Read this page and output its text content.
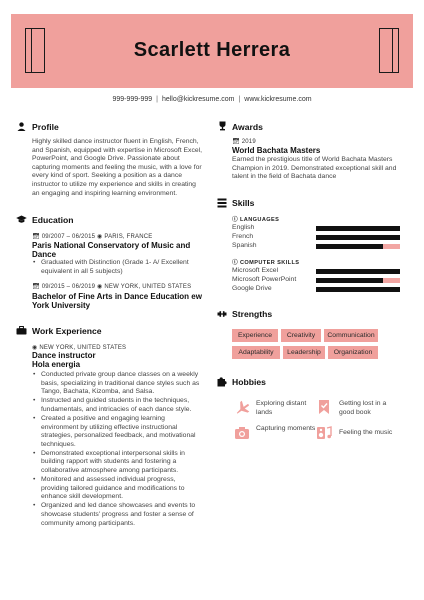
Scarlett Herrera
999-999-999 | hello@kickresume.com | www.kickresume.com
Profile
Highly skilled dance instructor fluent in English, French, and Spanish, equipped with expertise in Microsoft Excel, PowerPoint, and Google Drive. Passionate about capturing moments and feeling the music, with a love for every kind of sport. Seeking a position as a dance instructor to utilize my experience and skills in creating an engaging and inspiring learning environment.
Education
📅︎ 09/2007 – 06/2015 ◉ PARIS, FRANCE
Paris National Conservatory of Music and Dance
• Graduated with Distinction (Grade 1- A/ Excellent equivalent in all 5 subjects)
📅︎ 09/2015 – 06/2019 ◉ NEW YORK, UNITED STATES
Bachelor of Fine Arts in Dance Education ew York University
Work Experience
◉ NEW YORK, UNITED STATES
Dance instructor
Hola energia
• Conducted private group dance classes on a weekly basis, specializing in traditional dance styles such as Tango, Bachata, Kizomba, and Salsa.
• Instructed and guided students in the techniques, fundamentals, and intricacies of each dance style.
• Created a positive and engaging learning environment by utilizing effective instructional strategies, personalized feedback, and motivational techniques.
• Demonstrated exceptional interpersonal skills in building rapport with students and fostering a collaborative atmosphere among participants.
• Monitored and assessed individual progress, providing tailored guidance and modifications to enhance skill development.
• Organized and led dance showcases and events to showcase students' progress and foster a sense of community among participants.
Awards
📅︎ 2019
World Bachata Masters
Earned the prestigious title of World Bachata Masters Champion in 2019. Demonstrated exceptional skill and talent in the field of Bachata dance
Skills
ⓘ LANGUAGES
English
French
Spanish
ⓘ COMPUTER SKILLS
Microsoft Excel
Microsoft PowerPoint
Google Drive
Strengths
Experience	Creativity	Communication
Adaptability	Leadership	Organization
Hobbies
Exploring distant lands
Getting lost in a good book
Capturing moments
Feeling the music
